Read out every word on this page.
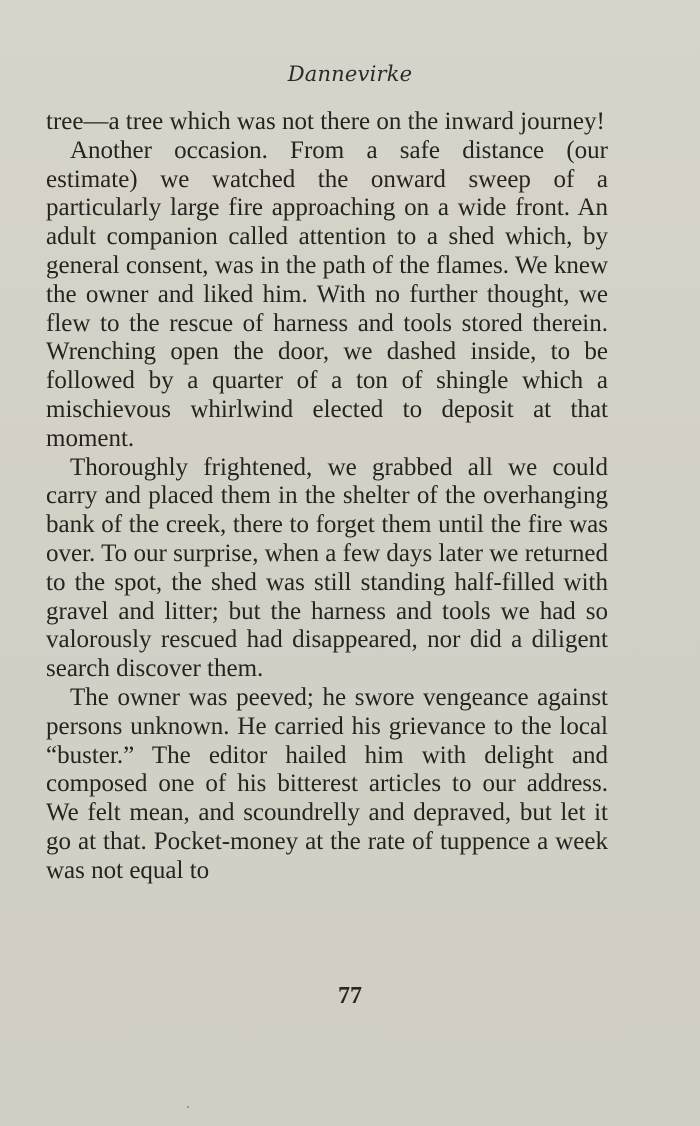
Dannevirke

tree—a tree which was not there on the inward journey!

Another occasion. From a safe distance (our estimate) we watched the onward sweep of a particularly large fire approaching on a wide front. An adult companion called attention to a shed which, by general consent, was in the path of the flames. We knew the owner and liked him. With no further thought, we flew to the rescue of harness and tools stored therein. Wrenching open the door, we dashed inside, to be followed by a quarter of a ton of shingle which a mischievous whirlwind elected to deposit at that moment.

Thoroughly frightened, we grabbed all we could carry and placed them in the shelter of the overhanging bank of the creek, there to forget them until the fire was over. To our surprise, when a few days later we returned to the spot, the shed was still standing half-filled with gravel and litter; but the harness and tools we had so valorously rescued had disappeared, nor did a diligent search discover them.

The owner was peeved; he swore vengeance against persons unknown. He carried his grievance to the local “buster.” The editor hailed him with delight and composed one of his bitterest articles to our address. We felt mean, and scoundrelly and depraved, but let it go at that. Pocket-money at the rate of tuppence a week was not equal to

77
